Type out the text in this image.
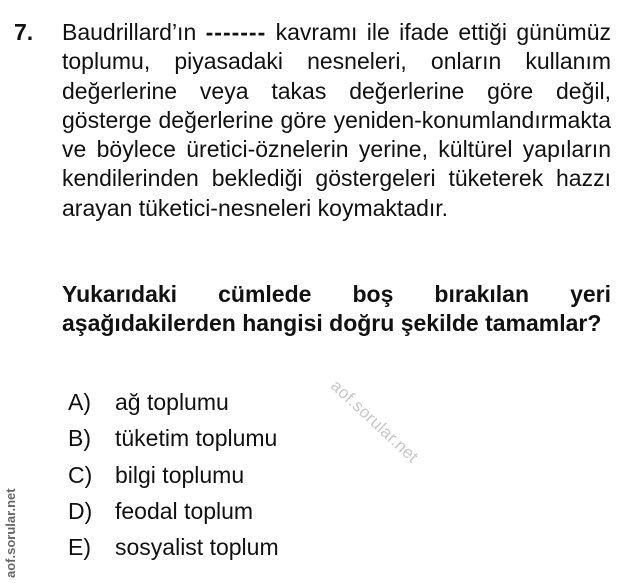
7. Baudrillard’ın ------- kavramı ile ifade ettiği günümüz toplumu, piyasadaki nesneleri, onların kullanım değerlerine veya takas değerlerine göre değil, gösterge değerlerine göre yeniden-konumlandırmakta ve böylece üretici-öznelerin yerine, kültürel yapıların kendilerinden beklediği göstergeleri tüketerek hazzı arayan tüketici-nesneleri koymaktadır.

Yukarıdaki cümlede boş bırakılan yeri aşağıdakilerden hangisi doğru şekilde tamamlar?

A) ağ toplumu
B) tüketim toplumu
C) bilgi toplumu
D) feodal toplum
E) sosyalist toplum
aof.sorular.net
aof.sorular.net
